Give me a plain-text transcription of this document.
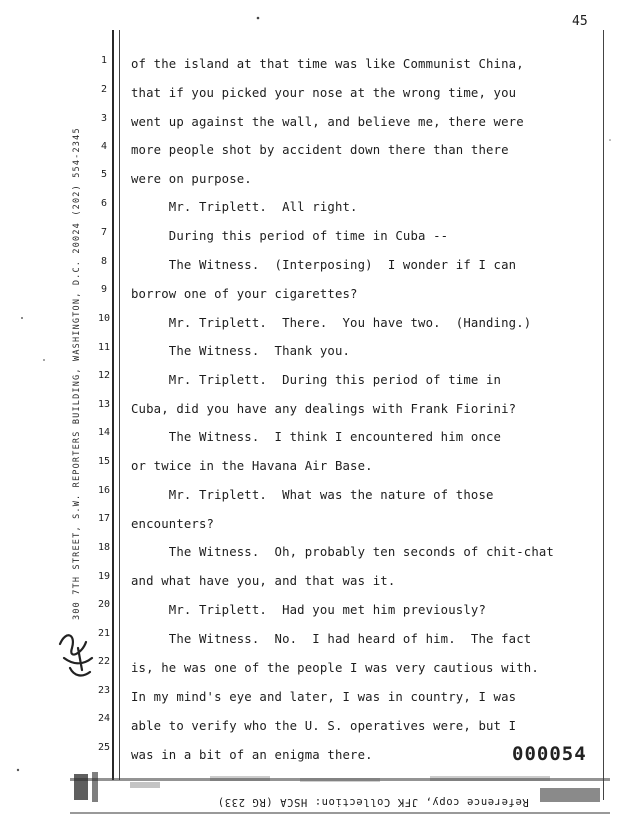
45
300 7TH STREET, S.W. REPORTERS BUILDING, WASHINGTON, D.C. 20024 (202) 554-2345
1
2
3
4
5
6
7
8
9
10
11
12
13
14
15
16
17
18
19
20
21
22
23
24
25
of the island at that time was like Communist China,
that if you picked your nose at the wrong time, you
went up against the wall, and believe me, there were
more people shot by accident down there than there
were on purpose.
Mr. Triplett.  All right.
During this period of time in Cuba --
The Witness.  (Interposing)  I wonder if I can
borrow one of your cigarettes?
Mr. Triplett.  There.  You have two.  (Handing.)
The Witness.  Thank you.
Mr. Triplett.  During this period of time in
Cuba, did you have any dealings with Frank Fiorini?
The Witness.  I think I encountered him once
or twice in the Havana Air Base.
Mr. Triplett.  What was the nature of those
encounters?
The Witness.  Oh, probably ten seconds of chit-chat
and what have you, and that was it.
Mr. Triplett.  Had you met him previously?
The Witness.  No.  I had heard of him.  The fact
is, he was one of the people I was very cautious with.
In my mind's eye and later, I was in country, I was
able to verify who the U. S. operatives were, but I
was in a bit of an enigma there.	000054
Reference copy, JFK Collection: HSCA (RG 233)
